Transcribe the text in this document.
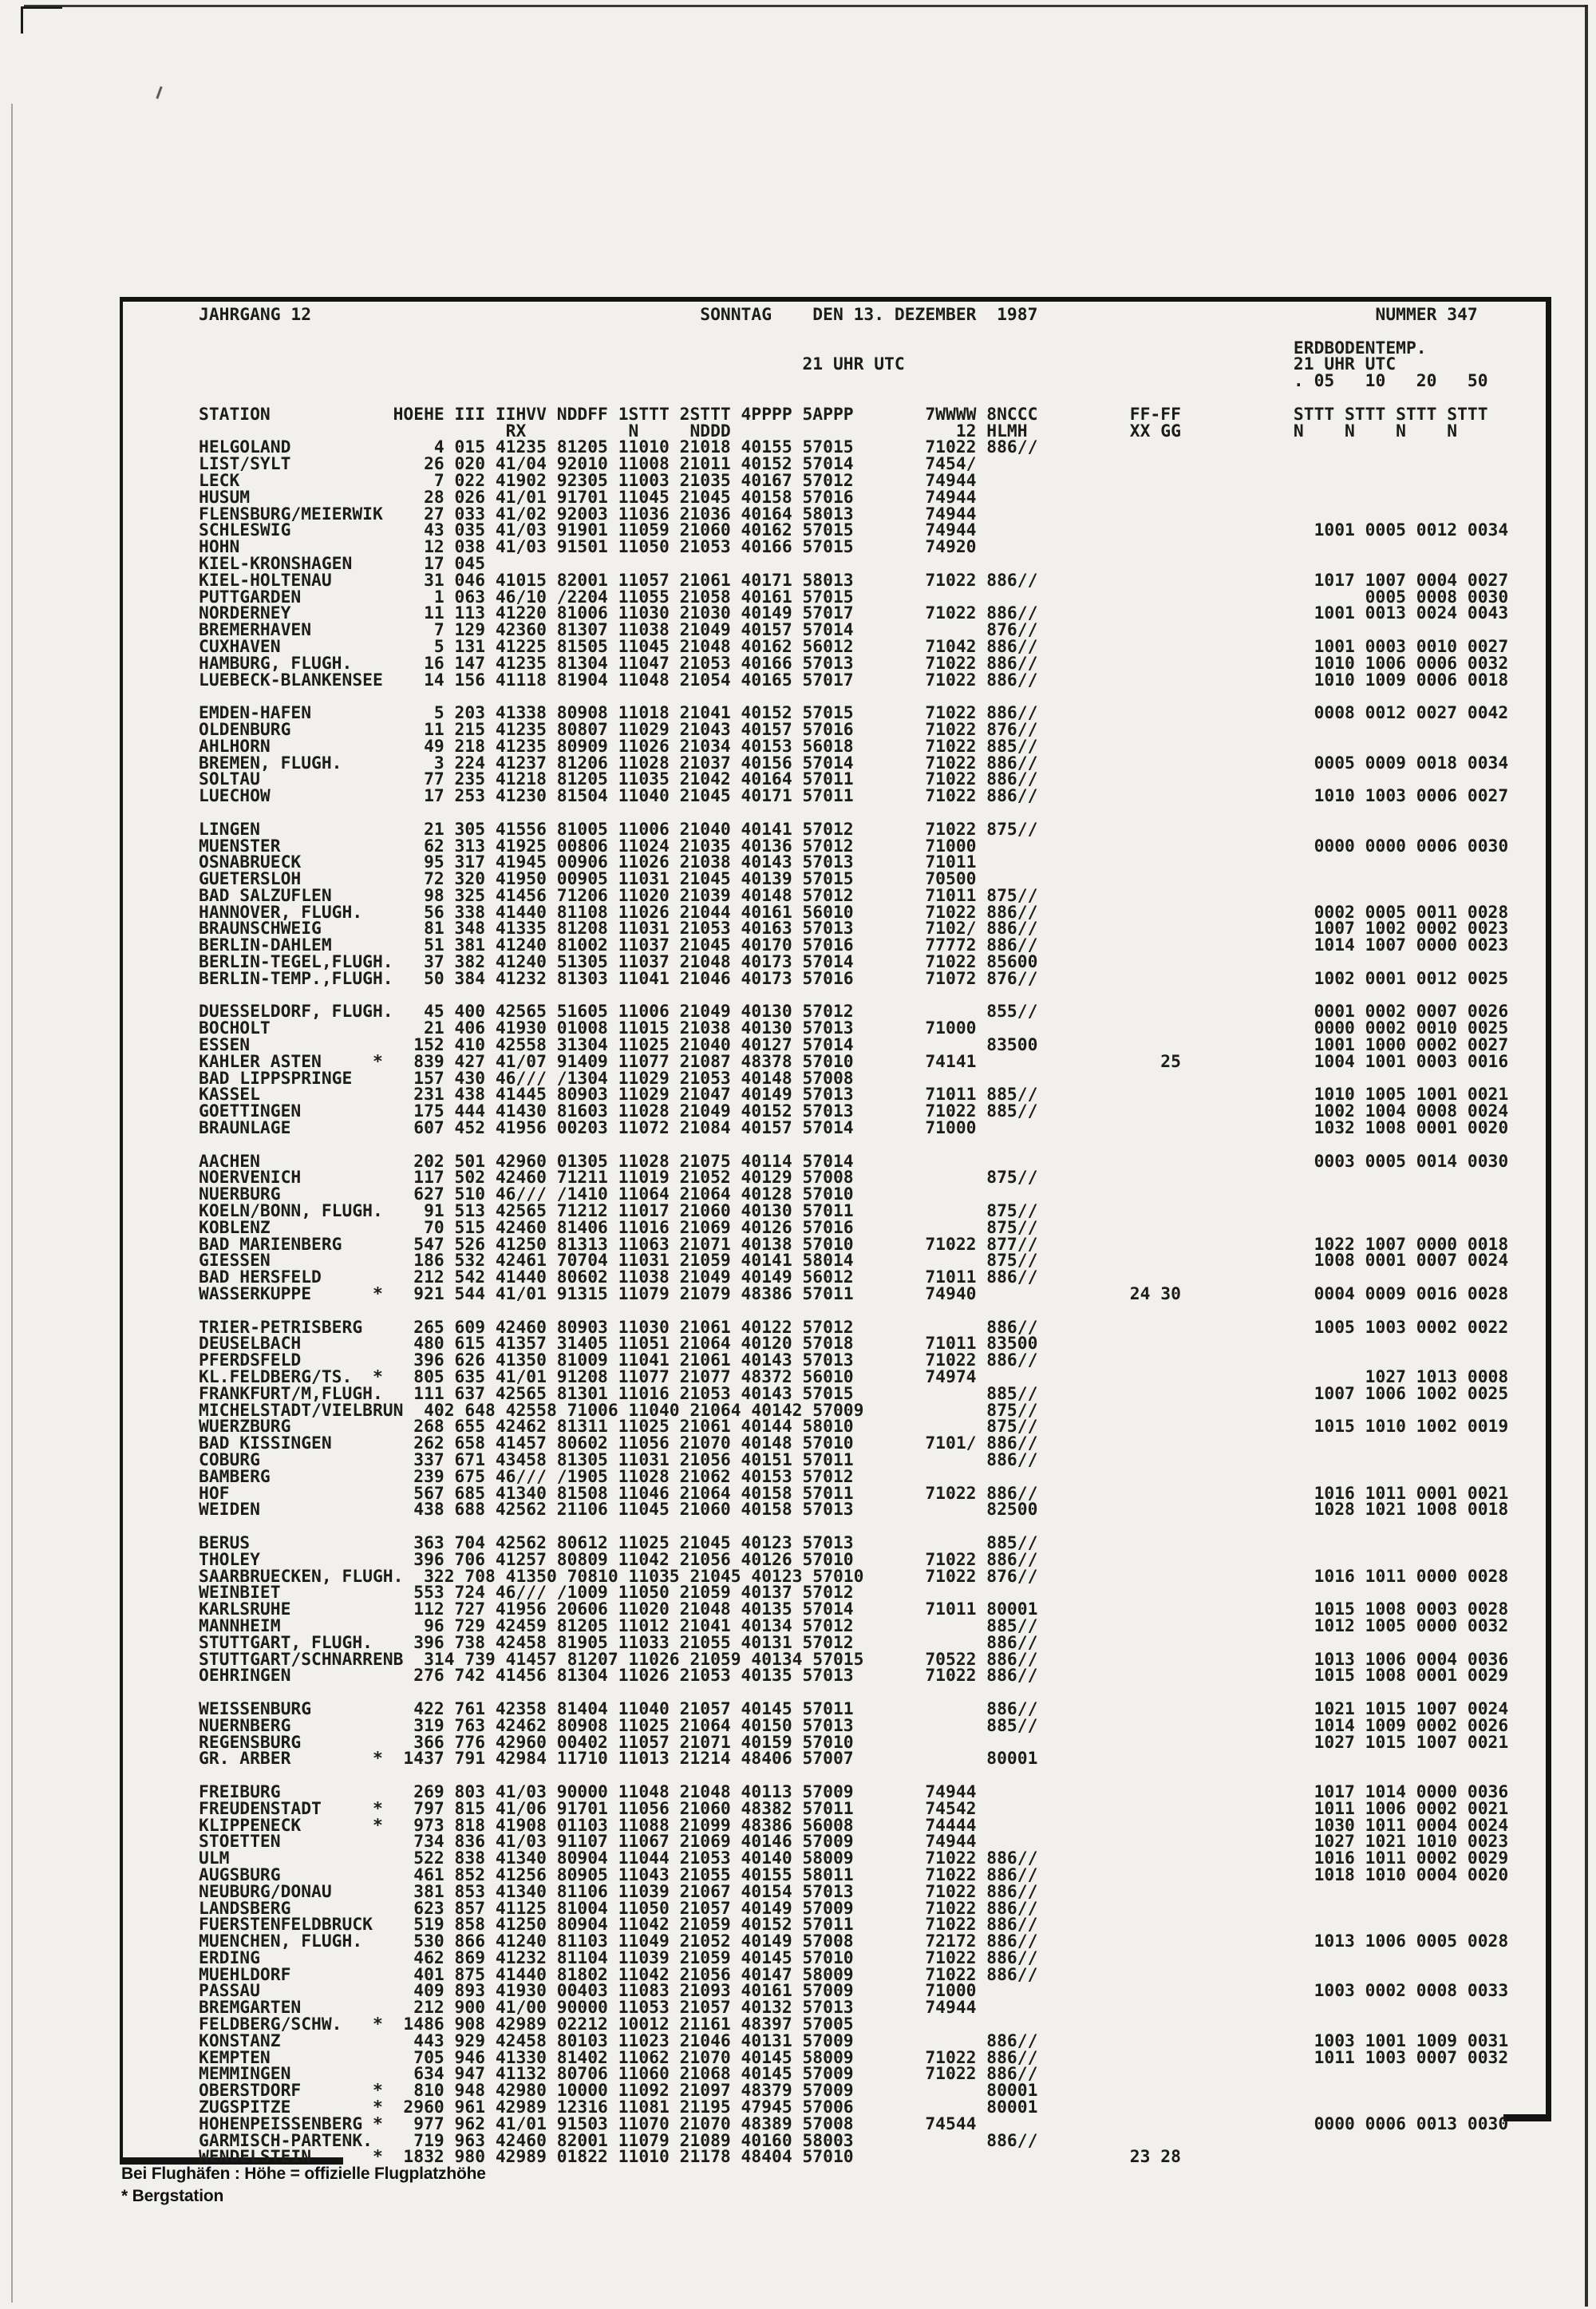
JAHRGANG 12                                      SONNTAG    DEN 13. DEZEMBER  1987                                 NUMMER 347

ERDBODENTEMP.
21 UHR UTC                                      21 UHR UTC
. 05   10   20   50

STATION            HOEHE III IIHVV NDDFF 1STTT 2STTT 4PPPP 5APPP       7WWWW 8NCCC         FF-FF           STTT STTT STTT STTT
RX          N     NDDD                      12 HLMH          XX GG           N    N    N    N
HELGOLAND              4 015 41235 81205 11010 21018 40155 57015       71022 886//
LIST/SYLT             26 020 41/04 92010 11008 21011 40152 57014       7454/
LECK                   7 022 41902 92305 11003 21035 40167 57012       74944
HUSUM                 28 026 41/01 91701 11045 21045 40158 57016       74944
FLENSBURG/MEIERWIK    27 033 41/02 92003 11036 21036 40164 58013       74944
SCHLESWIG             43 035 41/03 91901 11059 21060 40162 57015       74944                                 1001 0005 0012 0034
HOHN                  12 038 41/03 91501 11050 21053 40166 57015       74920
KIEL-KRONSHAGEN       17 045
KIEL-HOLTENAU         31 046 41015 82001 11057 21061 40171 58013       71022 886//                           1017 1007 0004 0027
PUTTGARDEN             1 063 46/10 /2204 11055 21058 40161 57015                                                  0005 0008 0030
NORDERNEY             11 113 41220 81006 11030 21030 40149 57017       71022 886//                           1001 0013 0024 0043
BREMERHAVEN            7 129 42360 81307 11038 21049 40157 57014             876//
CUXHAVEN               5 131 41225 81505 11045 21048 40162 56012       71042 886//                           1001 0003 0010 0027
HAMBURG, FLUGH.       16 147 41235 81304 11047 21053 40166 57013       71022 886//                           1010 1006 0006 0032
LUEBECK-BLANKENSEE    14 156 41118 81904 11048 21054 40165 57017       71022 886//                           1010 1009 0006 0018

EMDEN-HAFEN            5 203 41338 80908 11018 21041 40152 57015       71022 886//                           0008 0012 0027 0042
OLDENBURG             11 215 41235 80807 11029 21043 40157 57016       71022 876//
AHLHORN               49 218 41235 80909 11026 21034 40153 56018       71022 885//
BREMEN, FLUGH.         3 224 41237 81206 11028 21037 40156 57014       71022 886//                           0005 0009 0018 0034
SOLTAU                77 235 41218 81205 11035 21042 40164 57011       71022 886//
LUECHOW               17 253 41230 81504 11040 21045 40171 57011       71022 886//                           1010 1003 0006 0027

LINGEN                21 305 41556 81005 11006 21040 40141 57012       71022 875//
MUENSTER              62 313 41925 00806 11024 21035 40136 57012       71000                                 0000 0000 0006 0030
OSNABRUECK            95 317 41945 00906 11026 21038 40143 57013       71011
GUETERSLOH            72 320 41950 00905 11031 21045 40139 57015       70500
BAD SALZUFLEN         98 325 41456 71206 11020 21039 40148 57012       71011 875//
HANNOVER, FLUGH.      56 338 41440 81108 11026 21044 40161 56010       71022 886//                           0002 0005 0011 0028
BRAUNSCHWEIG          81 348 41335 81208 11031 21053 40163 57013       7102/ 886//                           1007 1002 0002 0023
BERLIN-DAHLEM         51 381 41240 81002 11037 21045 40170 57016       77772 886//                           1014 1007 0000 0023
BERLIN-TEGEL,FLUGH.   37 382 41240 51305 11037 21048 40173 57014       71022 85600
BERLIN-TEMP.,FLUGH.   50 384 41232 81303 11041 21046 40173 57016       71072 876//                           1002 0001 0012 0025

DUESSELDORF, FLUGH.   45 400 42565 51605 11006 21049 40130 57012             855//                           0001 0002 0007 0026
BOCHOLT               21 406 41930 01008 11015 21038 40130 57013       71000                                 0000 0002 0010 0025
ESSEN                152 410 42558 31304 11025 21040 40127 57014             83500                           1001 1000 0002 0027
KAHLER ASTEN     *   839 427 41/07 91409 11077 21087 48378 57010       74141                  25             1004 1001 0003 0016
BAD LIPPSPRINGE      157 430 46/// /1304 11029 21053 40148 57008
KASSEL               231 438 41445 80903 11029 21047 40149 57013       71011 885//                           1010 1005 1001 0021
GOETTINGEN           175 444 41430 81603 11028 21049 40152 57013       71022 885//                           1002 1004 0008 0024
BRAUNLAGE            607 452 41956 00203 11072 21084 40157 57014       71000                                 1032 1008 0001 0020

AACHEN               202 501 42960 01305 11028 21075 40114 57014                                             0003 0005 0014 0030
NOERVENICH           117 502 42460 71211 11019 21052 40129 57008             875//
NUERBURG             627 510 46/// /1410 11064 21064 40128 57010
KOELN/BONN, FLUGH.    91 513 42565 71212 11017 21060 40130 57011             875//
KOBLENZ               70 515 42460 81406 11016 21069 40126 57016             875//
BAD MARIENBERG       547 526 41250 81313 11063 21071 40138 57010       71022 877//                           1022 1007 0000 0018
GIESSEN              186 532 42461 70704 11031 21059 40141 58014             875//                           1008 0001 0007 0024
BAD HERSFELD         212 542 41440 80602 11038 21049 40149 56012       71011 886//
WASSERKUPPE      *   921 544 41/01 91315 11079 21079 48386 57011       74940               24 30             0004 0009 0016 0028

TRIER-PETRISBERG     265 609 42460 80903 11030 21061 40122 57012             886//                           1005 1003 0002 0022
DEUSELBACH           480 615 41357 31405 11051 21064 40120 57018       71011 83500
PFERDSFELD           396 626 41350 81009 11041 21061 40143 57013       71022 886//
KL.FELDBERG/TS.  *   805 635 41/01 91208 11077 21077 48372 56010       74974                                      1027 1013 0008
FRANKFURT/M,FLUGH.   111 637 42565 81301 11016 21053 40143 57015             885//                           1007 1006 1002 0025
MICHELSTADT/VIELBRUN  402 648 42558 71006 11040 21064 40142 57009            875//
WUERZBURG            268 655 42462 81311 11025 21061 40144 58010             875//                           1015 1010 1002 0019
BAD KISSINGEN        262 658 41457 80602 11056 21070 40148 57010       7101/ 886//
COBURG               337 671 43458 81305 11031 21056 40151 57011             886//
BAMBERG              239 675 46/// /1905 11028 21062 40153 57012
HOF                  567 685 41340 81508 11046 21064 40158 57011       71022 886//                           1016 1011 0001 0021
WEIDEN               438 688 42562 21106 11045 21060 40158 57013             82500                           1028 1021 1008 0018

BERUS                363 704 42562 80612 11025 21045 40123 57013             885//
THOLEY               396 706 41257 80809 11042 21056 40126 57010       71022 886//
SAARBRUECKEN, FLUGH.  322 708 41350 70810 11035 21045 40123 57010      71022 876//                           1016 1011 0000 0028
WEINBIET             553 724 46/// /1009 11050 21059 40137 57012
KARLSRUHE            112 727 41956 20606 11020 21048 40135 57014       71011 80001                           1015 1008 0003 0028
MANNHEIM              96 729 42459 81205 11012 21041 40134 57012             885//                           1012 1005 0000 0032
STUTTGART, FLUGH.    396 738 42458 81905 11033 21055 40131 57012             886//
STUTTGART/SCHNARRENB  314 739 41457 81207 11026 21059 40134 57015      70522 886//                           1013 1006 0004 0036
OEHRINGEN            276 742 41456 81304 11026 21053 40135 57013       71022 886//                           1015 1008 0001 0029

WEISSENBURG          422 761 42358 81404 11040 21057 40145 57011             886//                           1021 1015 1007 0024
NUERNBERG            319 763 42462 80908 11025 21064 40150 57013             885//                           1014 1009 0002 0026
REGENSBURG           366 776 42960 00402 11057 21071 40159 57010                                             1027 1015 1007 0021
GR. ARBER        *  1437 791 42984 11710 11013 21214 48406 57007             80001

FREIBURG             269 803 41/03 90000 11048 21048 40113 57009       74944                                 1017 1014 0000 0036
FREUDENSTADT     *   797 815 41/06 91701 11056 21060 48382 57011       74542                                 1011 1006 0002 0021
KLIPPENECK       *   973 818 41908 01103 11088 21099 48386 56008       74444                                 1030 1011 0004 0024
STOETTEN             734 836 41/03 91107 11067 21069 40146 57009       74944                                 1027 1021 1010 0023
ULM                  522 838 41340 80904 11044 21053 40140 58009       71022 886//                           1016 1011 0002 0029
AUGSBURG             461 852 41256 80905 11043 21055 40155 58011       71022 886//                           1018 1010 0004 0020
NEUBURG/DONAU        381 853 41340 81106 11039 21067 40154 57013       71022 886//
LANDSBERG            623 857 41125 81004 11050 21057 40149 57009       71022 886//
FUERSTENFELDBRUCK    519 858 41250 80904 11042 21059 40152 57011       71022 886//
MUENCHEN, FLUGH.     530 866 41240 81103 11049 21052 40149 57008       72172 886//                           1013 1006 0005 0028
ERDING               462 869 41232 81104 11039 21059 40145 57010       71022 886//
MUEHLDORF            401 875 41440 81802 11042 21056 40147 58009       71022 886//
PASSAU               409 893 41930 00403 11083 21093 40161 57009       71000                                 1003 0002 0008 0033
BREMGARTEN           212 900 41/00 90000 11053 21057 40132 57013       74944
FELDBERG/SCHW.   *  1486 908 42989 02212 10012 21161 48397 57005
KONSTANZ             443 929 42458 80103 11023 21046 40131 57009             886//                           1003 1001 1009 0031
KEMPTEN              705 946 41330 81402 11062 21070 40145 58009       71022 886//                           1011 1003 0007 0032
MEMMINGEN            634 947 41132 80706 11060 21068 40145 57009       71022 886//
OBERSTDORF       *   810 948 42980 10000 11092 21097 48379 57009             80001
ZUGSPITZE        *  2960 961 42989 12316 11081 21195 47945 57006             80001
HOHENPEISSENBERG *   977 962 41/01 91503 11070 21070 48389 57008       74544                                 0000 0006 0013 0030
GARMISCH-PARTENK.    719 963 42460 82001 11079 21089 40160 58003             886//
WENDELSTEIN      *  1832 980 42989 01822 11010 21178 48404 57010                           23 28
Bei Flughäfen : Höhe = offizielle Flugplatzhöhe
* Bergstation
